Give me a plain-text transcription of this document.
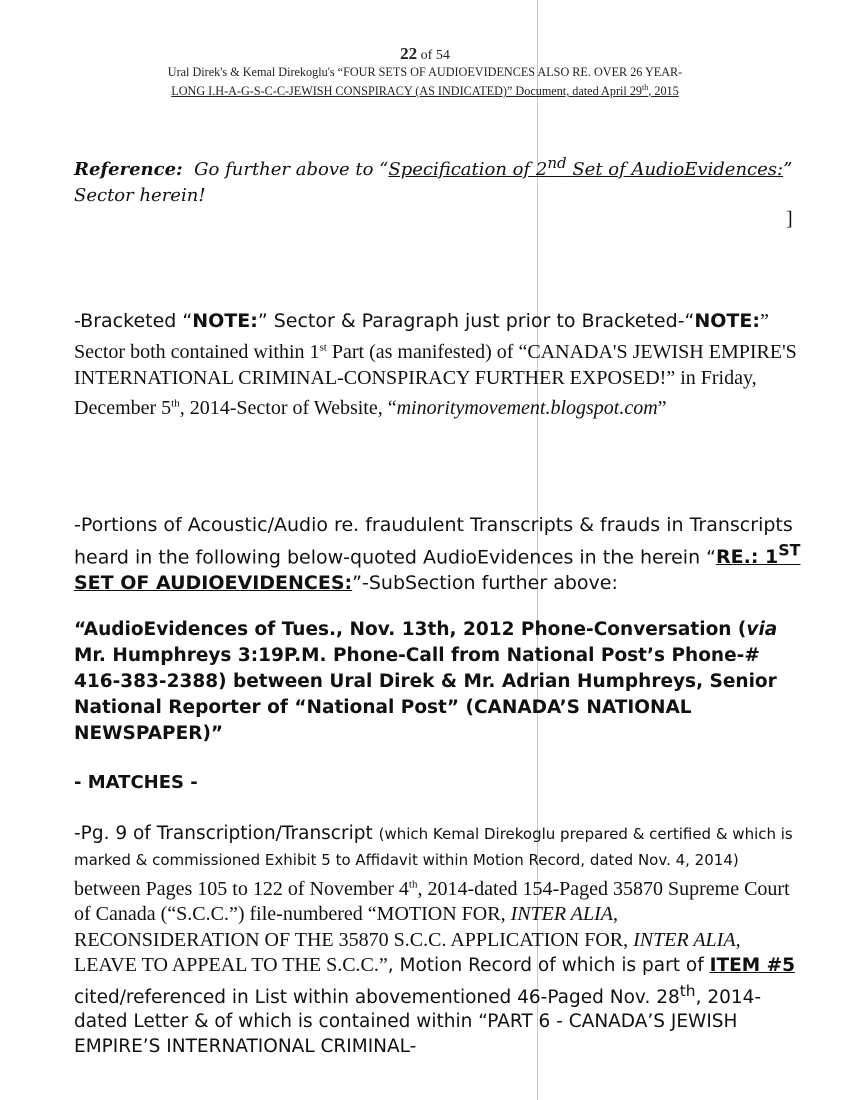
22 of 54
Ural Direk's & Kemal Direkoglu's “FOUR SETS OF AUDIOEVIDENCES ALSO RE. OVER 26 YEAR-
LONG I.H-A-G-S-C-C-JEWISH CONSPIRACY (AS INDICATED)” Document, dated April 29th, 2015
Reference: Go further above to “Specification of 2nd Set of AudioEvidences:”
Sector herein!
]
-Bracketed “NOTE:” Sector & Paragraph just prior to Bracketed-“NOTE:” Sector both contained within 1st Part (as manifested) of “CANADA'S JEWISH EMPIRE'S INTERNATIONAL CRIMINAL-CONSPIRACY FURTHER EXPOSED!” in Friday, December 5th, 2014-Sector of Website, “minoritymovement.blogspot.com”
-Portions of Acoustic/Audio re. fraudulent Transcripts & frauds in Transcripts heard in the following below-quoted AudioEvidences in the herein “RE.: 1ST SET OF AUDIOEVIDENCES:”-SubSection further above:
“AudioEvidences of Tues., Nov. 13th, 2012 Phone-Conversation (via Mr. Humphreys 3:19P.M. Phone-Call from National Post’s Phone-# 416-383-2388) between Ural Direk & Mr. Adrian Humphreys, Senior National Reporter of “National Post” (CANADA’S NATIONAL NEWSPAPER)”
- MATCHES -
-Pg. 9 of Transcription/Transcript (which Kemal Direkoglu prepared & certified & which is marked & commissioned Exhibit 5 to Affidavit within Motion Record, dated Nov. 4, 2014) between Pages 105 to 122 of November 4th, 2014-dated 154-Paged 35870 Supreme Court of Canada (“S.C.C.”) file-numbered “MOTION FOR, INTER ALIA, RECONSIDERATION OF THE 35870 S.C.C. APPLICATION FOR, INTER ALIA, LEAVE TO APPEAL TO THE S.C.C.”, Motion Record of which is part of ITEM #5 cited/referenced in List within abovementioned 46-Paged Nov. 28th, 2014-dated Letter & of which is contained within “PART 6 - CANADA’S JEWISH EMPIRE’S INTERNATIONAL CRIMINAL-
